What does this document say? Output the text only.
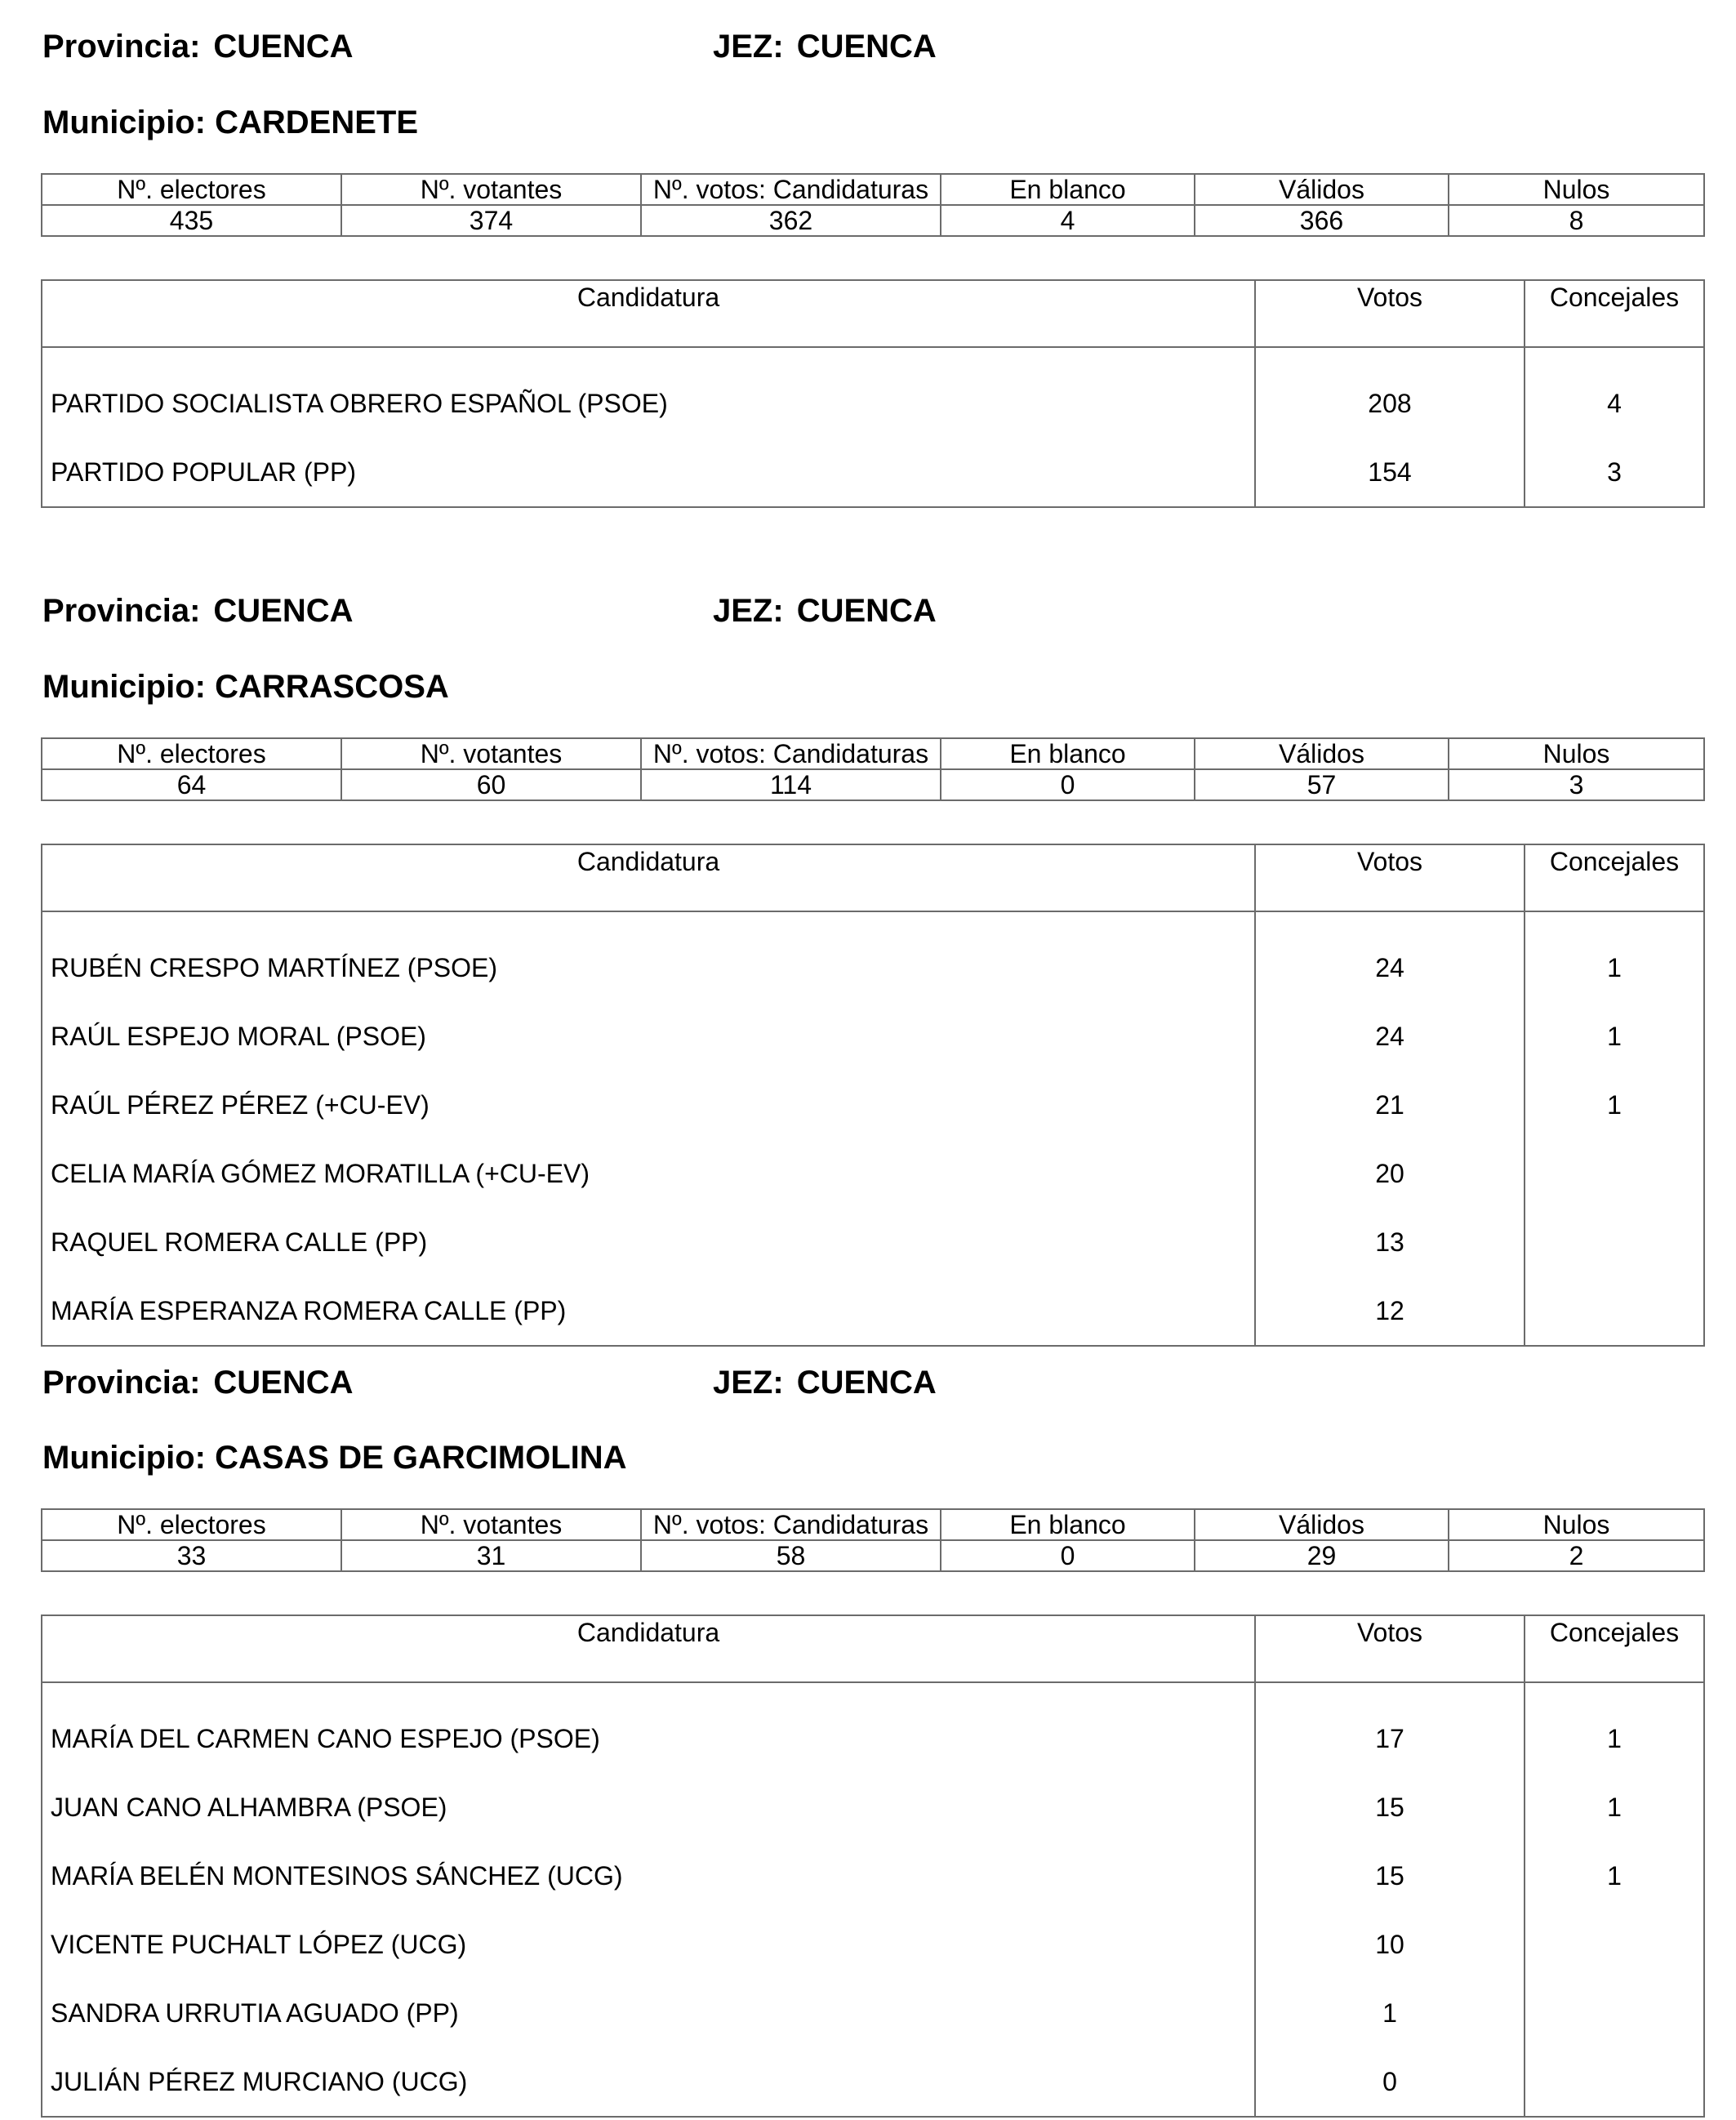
Provincia: CUENCA	JEZ: CUENCA
Municipio: CARDENETE
Nº. electores	Nº. votantes	Nº. votos: Candidaturas	En blanco	Válidos	Nulos
435	374	362	4	366	8
Candidatura	Votos	Concejales
PARTIDO SOCIALISTA OBRERO ESPAÑOL (PSOE)	208	4
PARTIDO POPULAR (PP)	154	3
Provincia: CUENCA	JEZ: CUENCA
Municipio: CARRASCOSA
Nº. electores	Nº. votantes	Nº. votos: Candidaturas	En blanco	Válidos	Nulos
64	60	114	0	57	3
Candidatura	Votos	Concejales
RUBÉN CRESPO MARTÍNEZ (PSOE)	24	1
RAÚL ESPEJO MORAL (PSOE)	24	1
RAÚL PÉREZ PÉREZ (+CU-EV)	21	1
CELIA MARÍA GÓMEZ MORATILLA (+CU-EV)	20	
RAQUEL ROMERA CALLE (PP)	13	
MARÍA ESPERANZA ROMERA CALLE (PP)	12	
Provincia: CUENCA	JEZ: CUENCA
Municipio: CASAS DE GARCIMOLINA
Nº. electores	Nº. votantes	Nº. votos: Candidaturas	En blanco	Válidos	Nulos
33	31	58	0	29	2
Candidatura	Votos	Concejales
MARÍA DEL CARMEN CANO ESPEJO (PSOE)	17	1
JUAN CANO ALHAMBRA (PSOE)	15	1
MARÍA BELÉN MONTESINOS SÁNCHEZ (UCG)	15	1
VICENTE PUCHALT LÓPEZ (UCG)	10	
SANDRA URRUTIA AGUADO (PP)	1	
JULIÁN PÉREZ MURCIANO (UCG)	0	
